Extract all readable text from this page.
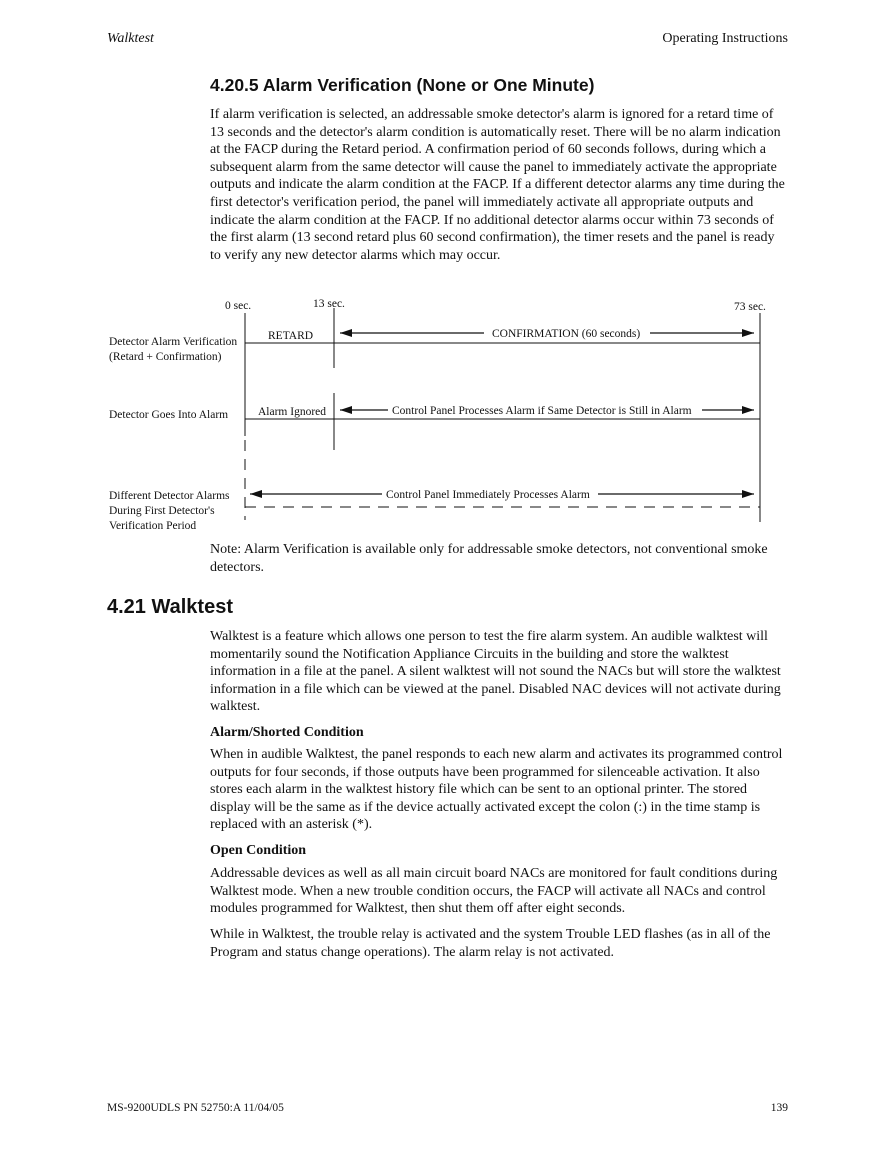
Walktest	Operating Instructions
4.20.5 Alarm Verification (None or One Minute)

If alarm verification is selected, an addressable smoke detector's alarm is ignored for a retard time of 13 seconds and the detector's alarm condition is automatically reset. There will be no alarm indication at the FACP during the Retard period. A confirmation period of 60 seconds follows, during which a subsequent alarm from the same detector will cause the panel to immediately activate the appropriate outputs and indicate the alarm condition at the FACP. If a different detector alarms any time during the first detector's verification period, the panel will immediately activate all appropriate outputs and indicate the alarm condition at the FACP. If no additional detector alarms occur within 73 seconds of the first alarm (13 second retard plus 60 second confirmation), the timer resets and the panel is ready to verify any new detector alarms which may occur.

0 sec.	13 sec.	73 sec.
Detector Alarm Verification
(Retard + Confirmation)
RETARD	CONFIRMATION (60 seconds)
Detector Goes Into Alarm	Alarm Ignored	Control Panel Processes Alarm if Same Detector is Still in Alarm
Different Detector Alarms
During First Detector's
Verification Period
Control Panel Immediately Processes Alarm

Note: Alarm Verification is available only for addressable smoke detectors, not conventional smoke detectors.

4.21 Walktest

Walktest is a feature which allows one person to test the fire alarm system. An audible walktest will momentarily sound the Notification Appliance Circuits in the building and store the walktest information in a file at the panel. A silent walktest will not sound the NACs but will store the walktest information in a file which can be viewed at the panel. Disabled NAC devices will not activate during walktest.

Alarm/Shorted Condition

When in audible Walktest, the panel responds to each new alarm and activates its programmed control outputs for four seconds, if those outputs have been programmed for silenceable activation. It also stores each alarm in the walktest history file which can be sent to an optional printer. The stored display will be the same as if the device actually activated except the colon (:) in the time stamp is replaced with an asterisk (*).

Open Condition

Addressable devices as well as all main circuit board NACs are monitored for fault conditions during Walktest mode. When a new trouble condition occurs, the FACP will activate all NACs and control modules programmed for Walktest, then shut them off after eight seconds.

While in Walktest, the trouble relay is activated and the system Trouble LED flashes (as in all of the Program and status change operations). The alarm relay is not activated.

MS-9200UDLS PN 52750:A 11/04/05	139
